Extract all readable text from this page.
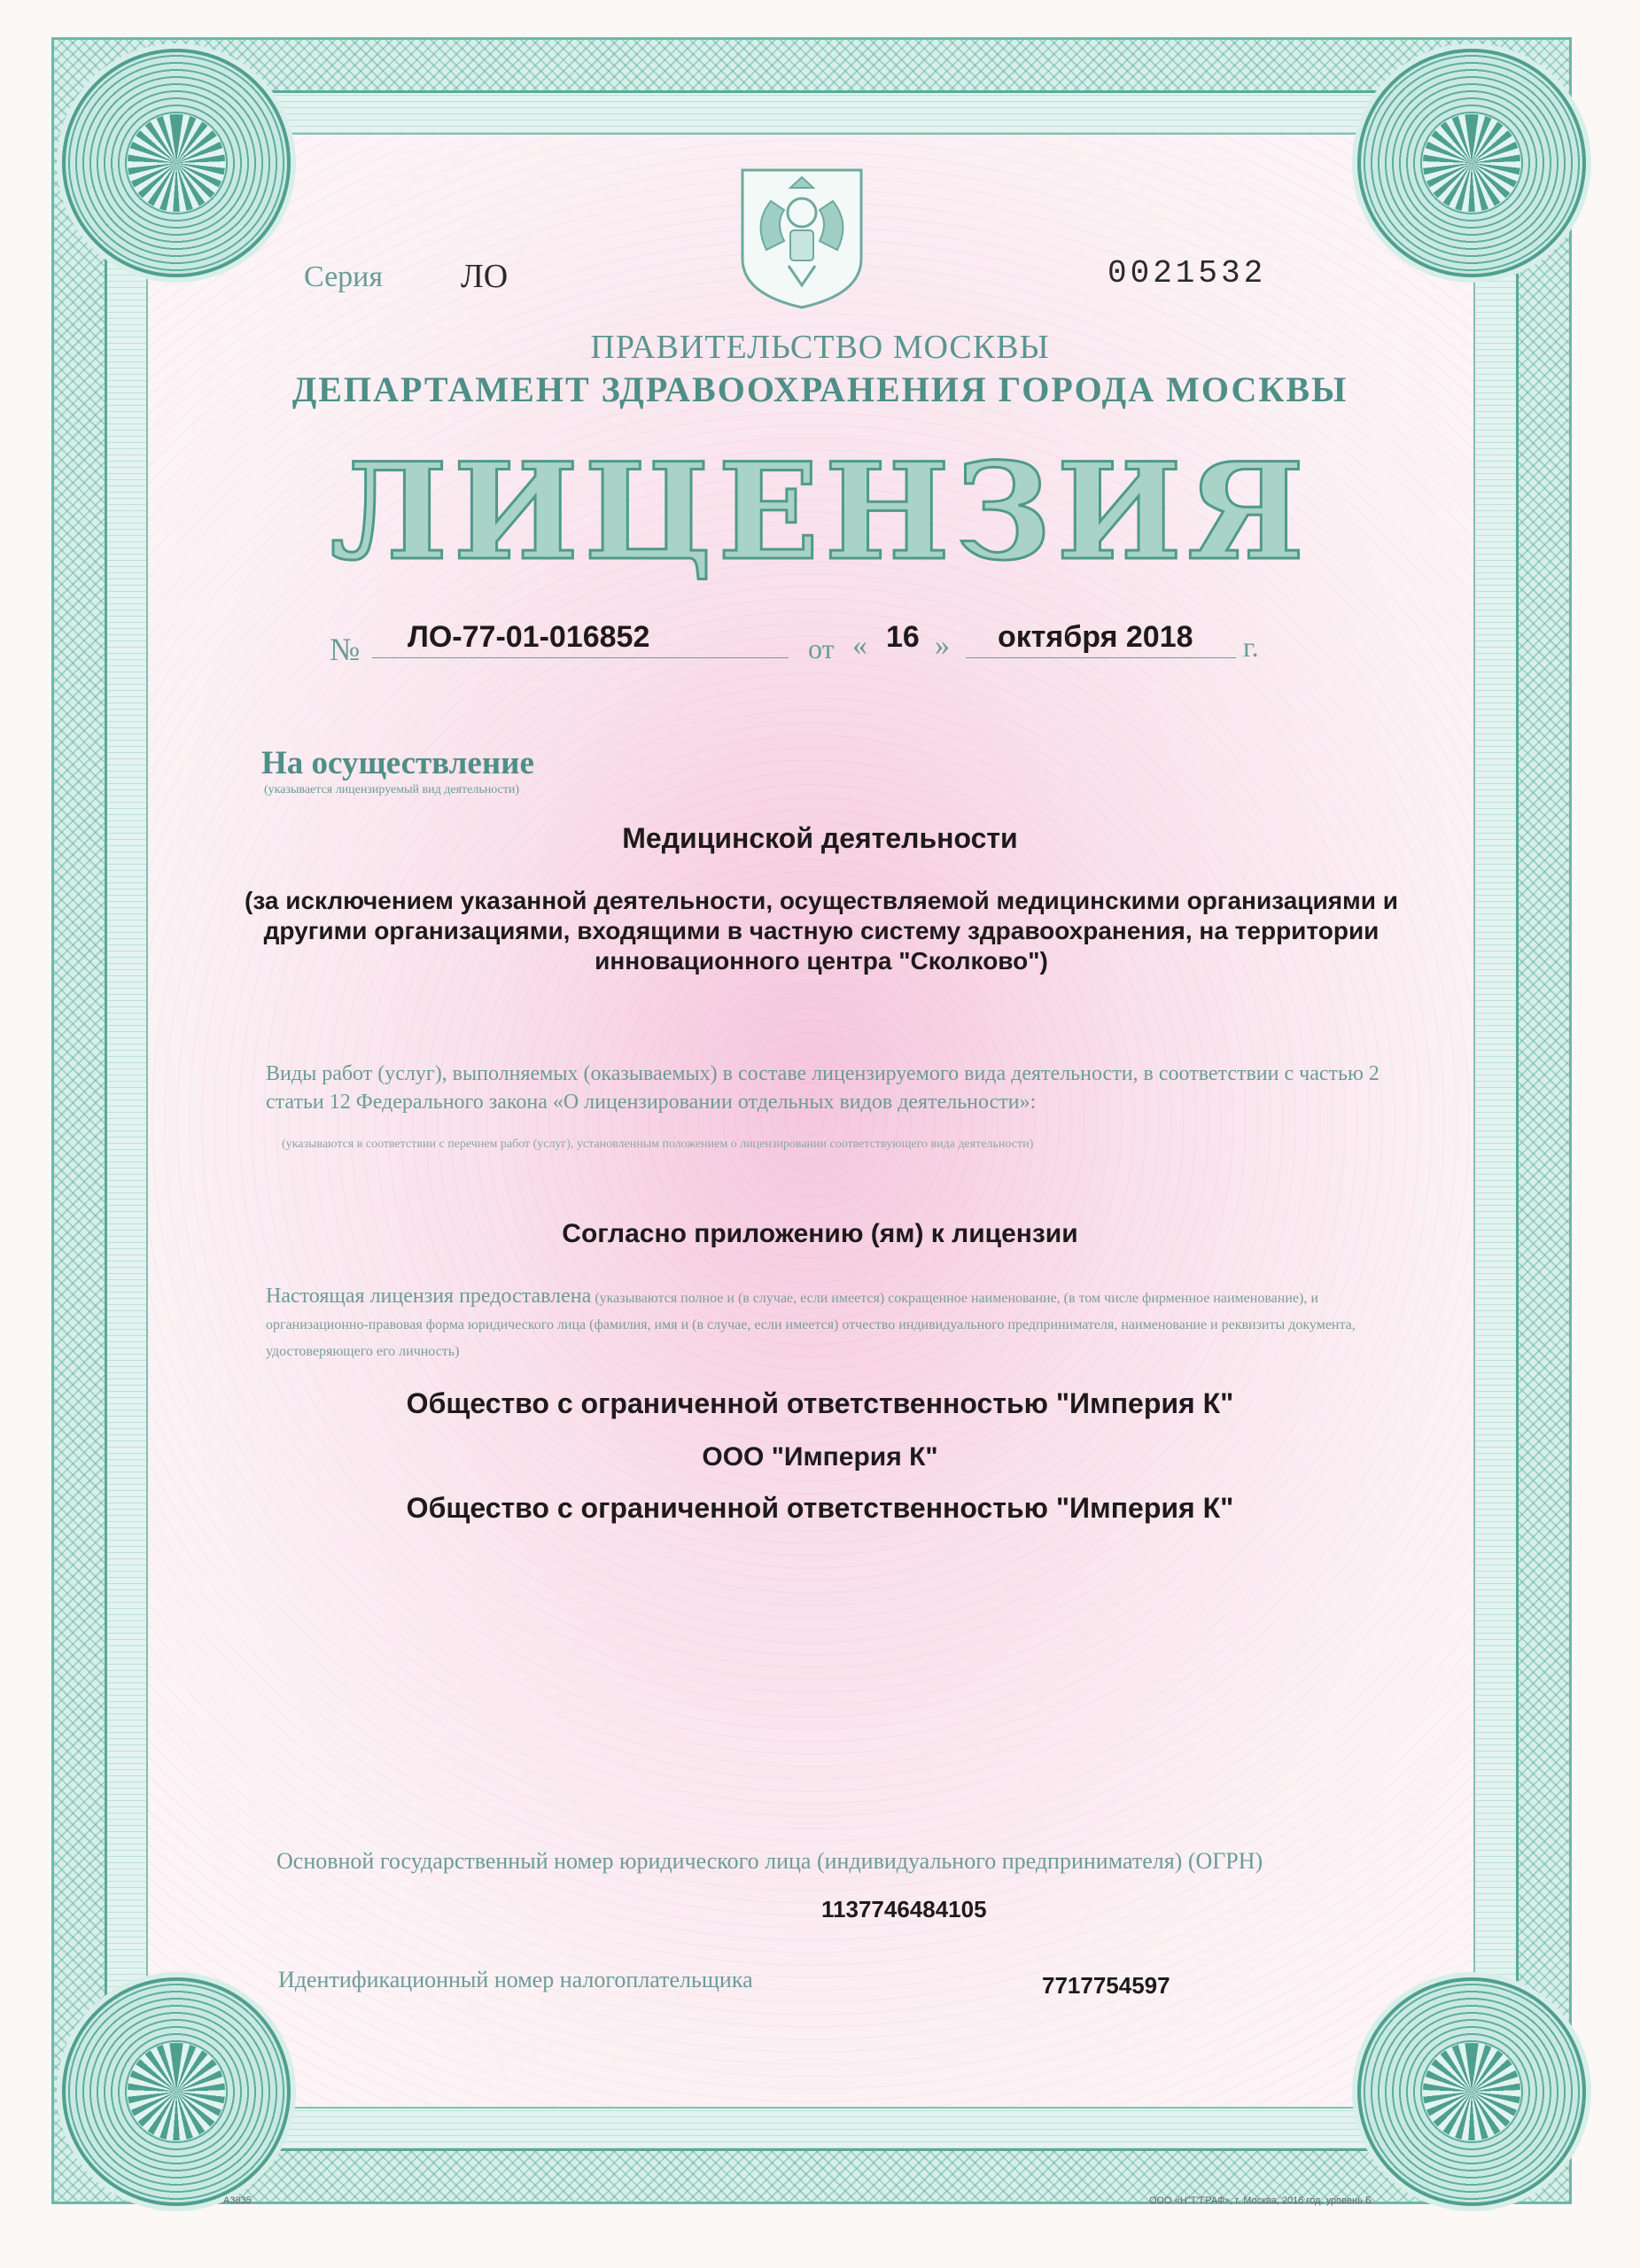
Серия ЛО	0021532
ПРАВИТЕЛЬСТВО МОСКВЫ
ДЕПАРТАМЕНТ ЗДРАВООХРАНЕНИЯ ГОРОДА МОСКВЫ
ЛИЦЕНЗИЯ
№ ЛО-77-01-016852	от « 16 » октября 2018 г.
На осуществление
(указывается лицензируемый вид деятельности)
Медицинской деятельности
(за исключением указанной деятельности, осуществляемой медицинскими организациями и другими организациями, входящими в частную систему здравоохранения, на территории инновационного центра "Сколково")
Виды работ (услуг), выполняемых (оказываемых) в составе лицензируемого вида деятельности, в соответствии с частью 2 статьи 12 Федерального закона «О лицензировании отдельных видов деятельности»:
(указываются в соответствии с перечнем работ (услуг), установленным положением о лицензировании соответствующего вида деятельности)
Согласно приложению (ям) к лицензии
Настоящая лицензия предоставлена (указываются полное и (в случае, если имеется) сокращенное наименование, (в том числе фирменное наименование), и организационно-правовая форма юридического лица (фамилия, имя и (в случае, если имеется) отчество индивидуального предпринимателя, наименование и реквизиты документа, удостоверяющего его личность)
Общество с ограниченной ответственностью "Империя К"
ООО "Империя К"
Общество с ограниченной ответственностью "Империя К"
Основной государственный номер юридического лица (индивидуального предпринимателя) (ОГРН)
1137746484105
Идентификационный номер налогоплательщика	7717754597
А3835	ООО «Н"Т"ГРАФ», г. Москва, 2016 год, уровень Б
